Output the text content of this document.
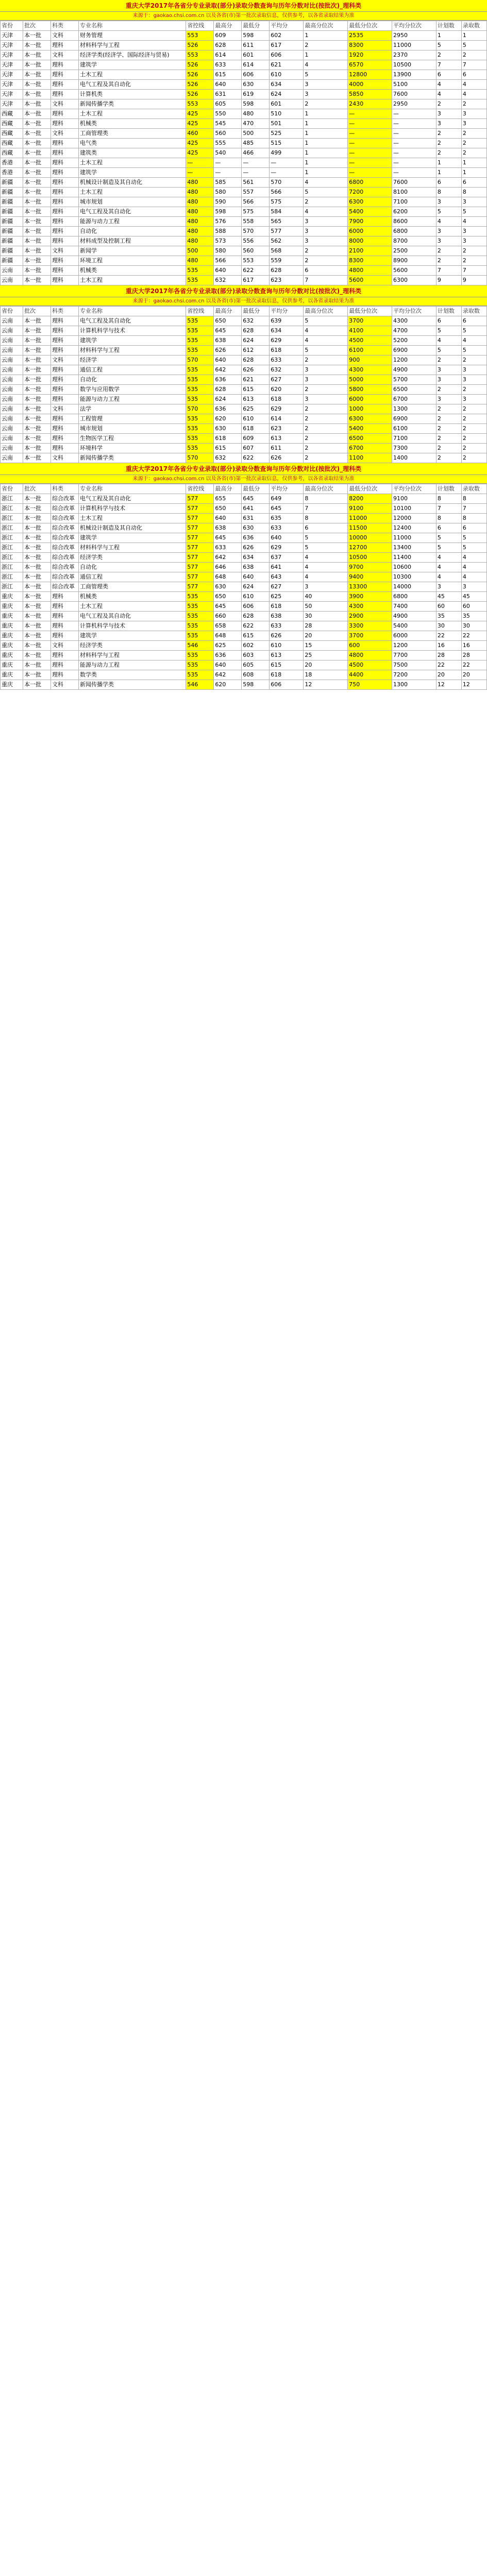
重庆大学2017年各省分专业录取(部分)录取分数查询与历年分数对比(按批次)_理科类
来源于：gaokao.chsi.com.cn 以及各省(市)第一批次录取信息，仅供参考，以各省录取结果为准
省份	批次	科类	专业名称	省控线	最高分	最低分	平均分	最高分位次	最低分位次	平均分位次	计划数	录取数
天津	本一批	文科	财务管理	553	609	598	602	1	2535	2950	1	1
天津	本一批	理科	材料科学与工程	526	628	611	617	2	8300	11000	5	5
天津	本一批	文科	经济学类(经济学、国际经济与贸易)	553	614	601	606	1	1920	2370	2	2
天津	本一批	理科	建筑学	526	633	614	621	4	6570	10500	7	7
天津	本一批	理科	土木工程	526	615	606	610	5	12800	13900	6	6
天津	本一批	理科	电气工程及其自动化	526	640	630	634	3	4000	5100	4	4
天津	本一批	理科	计算机类	526	631	619	624	3	5850	7600	4	4
天津	本一批	文科	新闻传播学类	553	605	598	601	2	2430	2950	2	2
西藏	本一批	理科	土木工程	425	550	480	510	1	—	—	3	3
西藏	本一批	理科	机械类	425	545	470	501	1	—	—	3	3
西藏	本一批	文科	工商管理类	460	560	500	525	1	—	—	2	2
西藏	本一批	理科	电气类	425	555	485	515	1	—	—	2	2
西藏	本一批	理科	建筑类	425	540	466	499	1	—	—	2	2
香港	本一批	理科	土木工程	—	—	—	—	1	—	—	1	1
香港	本一批	理科	建筑学	—	—	—	—	1	—	—	1	1
新疆	本一批	理科	机械设计制造及其自动化	480	585	561	570	4	6800	7600	6	6
新疆	本一批	理科	土木工程	480	580	557	566	5	7200	8100	8	8
新疆	本一批	理科	城市规划	480	590	566	575	2	6300	7100	3	3
新疆	本一批	理科	电气工程及其自动化	480	598	575	584	4	5400	6200	5	5
新疆	本一批	理科	能源与动力工程	480	576	558	565	3	7900	8600	4	4
新疆	本一批	理科	自动化	480	588	570	577	3	6000	6800	3	3
新疆	本一批	理科	材料成型及控制工程	480	573	556	562	3	8000	8700	3	3
新疆	本一批	文科	新闻学	500	580	560	568	2	2100	2500	2	2
新疆	本一批	理科	环境工程	480	566	553	559	2	8300	8900	2	2
云南	本一批	理科	机械类	535	640	622	628	6	4800	5600	7	7
云南	本一批	理科	土木工程	535	632	617	623	7	5600	6300	9	9
重庆大学2017年各省分专业录取(部分)录取分数查询与历年分数对比(按批次)_理科类
来源于：gaokao.chsi.com.cn 以及各省(市)第一批次录取信息，仅供参考，以各省录取结果为准
省份	批次	科类	专业名称	省控线	最高分	最低分	平均分	最高分位次	最低分位次	平均分位次	计划数	录取数
云南	本一批	理科	电气工程及其自动化	535	650	632	639	5	3700	4300	6	6
云南	本一批	理科	计算机科学与技术	535	645	628	634	4	4100	4700	5	5
云南	本一批	理科	建筑学	535	638	624	629	4	4500	5200	4	4
云南	本一批	理科	材料科学与工程	535	626	612	618	5	6100	6900	5	5
云南	本一批	文科	经济学	570	640	628	633	2	900	1200	2	2
云南	本一批	理科	通信工程	535	642	626	632	3	4300	4900	3	3
云南	本一批	理科	自动化	535	636	621	627	3	5000	5700	3	3
云南	本一批	理科	数学与应用数学	535	628	615	620	2	5800	6500	2	2
云南	本一批	理科	能源与动力工程	535	624	613	618	3	6000	6700	3	3
云南	本一批	文科	法学	570	636	625	629	2	1000	1300	2	2
云南	本一批	理科	工程管理	535	620	610	614	2	6300	6900	2	2
云南	本一批	理科	城市规划	535	630	618	623	2	5400	6100	2	2
云南	本一批	理科	生物医学工程	535	618	609	613	2	6500	7100	2	2
云南	本一批	理科	环境科学	535	615	607	611	2	6700	7300	2	2
云南	本一批	文科	新闻传播学类	570	632	622	626	2	1100	1400	2	2
重庆大学2017年各省分专业录取(部分)录取分数查询与历年分数对比(按批次)_理科类
来源于：gaokao.chsi.com.cn 以及各省(市)第一批次录取信息，仅供参考，以各省录取结果为准
省份	批次	科类	专业名称	省控线	最高分	最低分	平均分	最高分位次	最低分位次	平均分位次	计划数	录取数
浙江	本一批	综合改革	电气工程及其自动化	577	655	645	649	8	8200	9100	8	8
浙江	本一批	综合改革	计算机科学与技术	577	650	641	645	7	9100	10100	7	7
浙江	本一批	综合改革	土木工程	577	640	631	635	8	11000	12000	8	8
浙江	本一批	综合改革	机械设计制造及其自动化	577	638	630	633	6	11500	12400	6	6
浙江	本一批	综合改革	建筑学	577	645	636	640	5	10000	11000	5	5
浙江	本一批	综合改革	材料科学与工程	577	633	626	629	5	12700	13400	5	5
浙江	本一批	综合改革	经济学类	577	642	634	637	4	10500	11400	4	4
浙江	本一批	综合改革	自动化	577	646	638	641	4	9700	10600	4	4
浙江	本一批	综合改革	通信工程	577	648	640	643	4	9400	10300	4	4
浙江	本一批	综合改革	工商管理类	577	630	624	627	3	13300	14000	3	3
重庆	本一批	理科	机械类	535	650	610	625	40	3900	6800	45	45
重庆	本一批	理科	土木工程	535	645	606	618	50	4300	7400	60	60
重庆	本一批	理科	电气工程及其自动化	535	660	628	638	30	2900	4900	35	35
重庆	本一批	理科	计算机科学与技术	535	658	622	633	28	3300	5400	30	30
重庆	本一批	理科	建筑学	535	648	615	626	20	3700	6000	22	22
重庆	本一批	文科	经济学类	546	625	602	610	15	600	1200	16	16
重庆	本一批	理科	材料科学与工程	535	636	603	613	25	4800	7700	28	28
重庆	本一批	理科	能源与动力工程	535	640	605	615	20	4500	7500	22	22
重庆	本一批	理科	数学类	535	642	608	618	18	4400	7200	20	20
重庆	本一批	文科	新闻传播学类	546	620	598	606	12	750	1300	12	12
